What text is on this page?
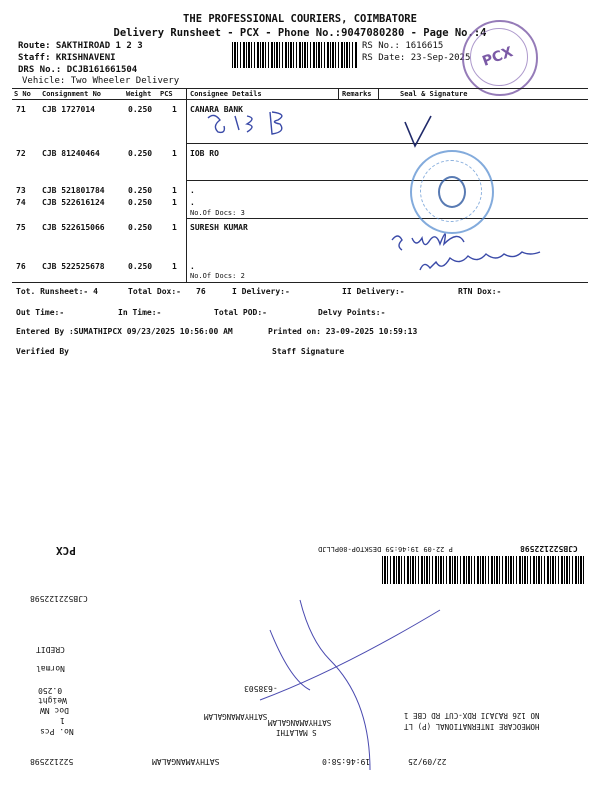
THE PROFESSIONAL COURIERS, COIMBATORE
Delivery Runsheet - PCX - Phone No.:9047080280 - Page No.:4
Route: SAKTHIROAD 1 2 3
Staff: KRISHNAVENI
DRS No.: DCJB161661504
Vehicle: Two Wheeler Delivery
RS No.: 1616615
RS Date: 23-Sep-2025 PCX
S No Consignment No	Weight PCS Consignee Details	Remarks	Seal & Signature
71 CJB 1727014	0.250 1 CANARA BANK
72 CJB 81240464	0.250 1 IOB RO
73 CJB 521801784	0.250 1 .
74 CJB 522616124	0.250 1 .
No.Of Docs: 3
75 CJB 522615066	0.250 1 SURESH KUMAR
76 CJB 522525678	0.250 1 .
No.Of Docs: 2
Tot. Runsheet:- 4	Total Dox:- 76	I Delivery:-	II Delivery:-	RTN Dox:-
Out Time:-	In Time:-	Total POD:-	Delvy Points:-
Entered By :SUMATHIPCX 09/23/2025 10:56:00 AM	Printed on: 23-09-2025 10:59:13
Verified By	Staff Signature
PCX	P 22-09 19:46:59 DESKTOP-80PLLJD	CJB522122598
CJB522122598
CREDIT
Normal
0.250
Weight
Doc NW
1
No. Pcs
-638503
SATHYAMANGALAM
SATHYAMANGALAM
S MALATHI
NO 126 RAJAJI RDX-CUT RD CBE 1
HOMEOCARE INTERNATIONAL (P) LT
522122598	SATHYAMANGALAM	19:46:58:0	22/09/25
